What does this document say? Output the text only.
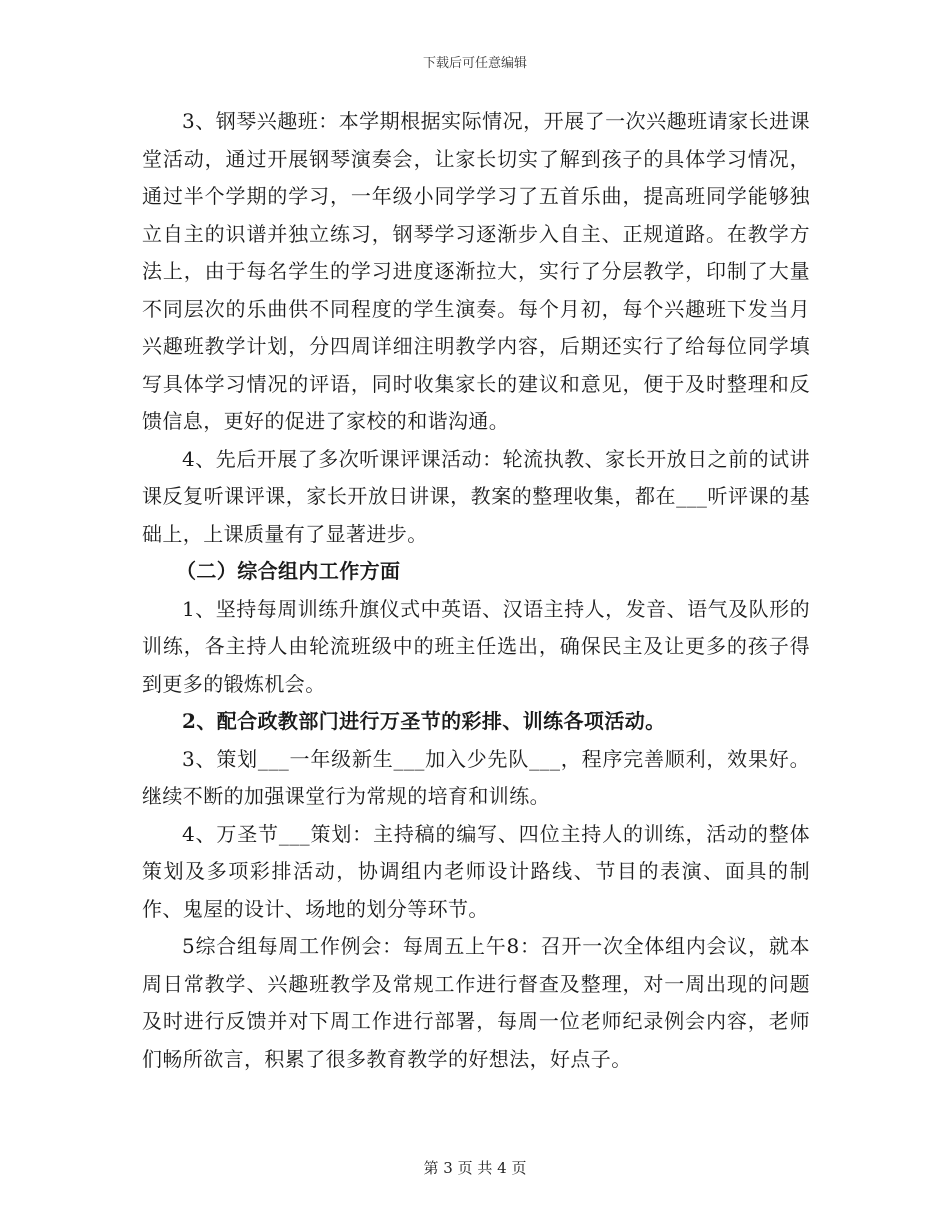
下载后可任意编辑

3、钢琴兴趣班：本学期根据实际情况，开展了一次兴趣班请家长进课堂活动，通过开展钢琴演奏会，让家长切实了解到孩子的具体学习情况，通过半个学期的学习，一年级小同学学习了五首乐曲，提高班同学能够独立自主的识谱并独立练习，钢琴学习逐渐步入自主、正规道路。在教学方法上，由于每名学生的学习进度逐渐拉大，实行了分层教学，印制了大量不同层次的乐曲供不同程度的学生演奏。每个月初，每个兴趣班下发当月兴趣班教学计划，分四周详细注明教学内容，后期还实行了给每位同学填写具体学习情况的评语，同时收集家长的建议和意见，便于及时整理和反馈信息，更好的促进了家校的和谐沟通。

4、先后开展了多次听课评课活动：轮流执教、家长开放日之前的试讲课反复听课评课，家长开放日讲课，教案的整理收集，都在___听评课的基础上，上课质量有了显著进步。

（二）综合组内工作方面

1、坚持每周训练升旗仪式中英语、汉语主持人，发音、语气及队形的训练，各主持人由轮流班级中的班主任选出，确保民主及让更多的孩子得到更多的锻炼机会。

2、配合政教部门进行万圣节的彩排、训练各项活动。

3、策划___一年级新生___加入少先队___，程序完善顺利，效果好。继续不断的加强课堂行为常规的培育和训练。

4、万圣节___策划：主持稿的编写、四位主持人的训练，活动的整体策划及多项彩排活动，协调组内老师设计路线、节目的表演、面具的制作、鬼屋的设计、场地的划分等环节。

5综合组每周工作例会：每周五上午8：召开一次全体组内会议，就本周日常教学、兴趣班教学及常规工作进行督查及整理，对一周出现的问题及时进行反馈并对下周工作进行部署，每周一位老师纪录例会内容，老师们畅所欲言，积累了很多教育教学的好想法，好点子。

第 3 页 共 4 页
